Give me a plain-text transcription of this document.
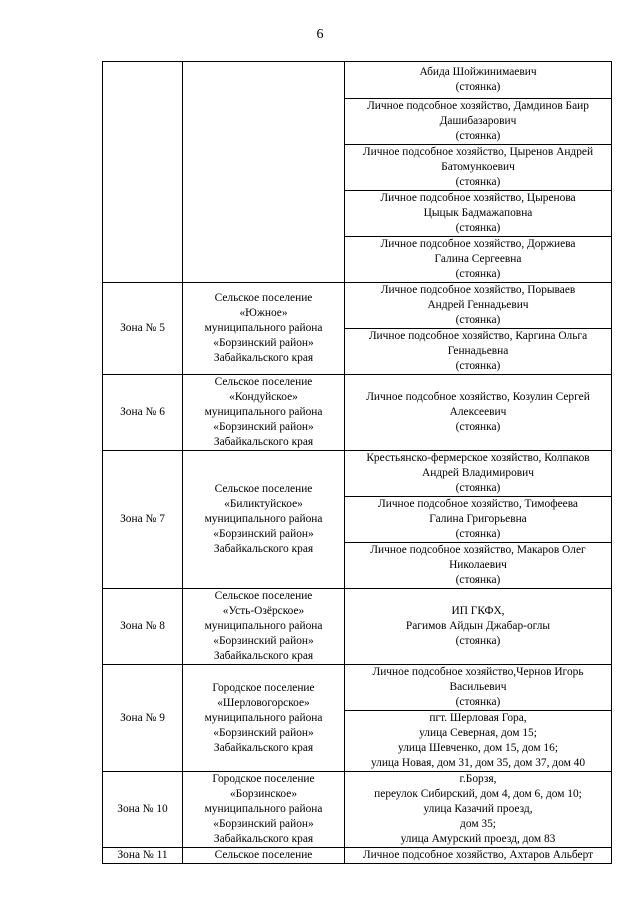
6
		Абида Шойжинимаевич
(стоянка)
		Личное подсобное хозяйство, Дамдинов Баир
Дашибазарович
(стоянка)
		Личное подсобное хозяйство, Цыренов Андрей
Батомункоевич
(стоянка)
		Личное подсобное хозяйство, Цыренова
Цыцык Бадмажаповна
(стоянка)
		Личное подсобное хозяйство, Доржиева
Галина Сергеевна
(стоянка)
Зона № 5	Сельское поселение
«Южное»
муниципального района
«Борзинский район»
Забайкальского края	Личное подсобное хозяйство, Порываев
Андрей Геннадьевич
(стоянка)
		Личное подсобное хозяйство, Каргина Ольга
Геннадьевна
(стоянка)
Зона № 6	Сельское поселение
«Кондуйское»
муниципального района
«Борзинский район»
Забайкальского края	Личное подсобное хозяйство, Козулин Сергей
Алексеевич
(стоянка)
Зона № 7	Сельское поселение
«Биликтуйское»
муниципального района
«Борзинский район»
Забайкальского края	Крестьянско-фермерское хозяйство, Колпаков
Андрей Владимирович
(стоянка)
		Личное подсобное хозяйство, Тимофеева
Галина Григорьевна
(стоянка)
		Личное подсобное хозяйство, Макаров Олег
Николаевич
(стоянка)
Зона № 8	Сельское поселение
«Усть-Озёрское»
муниципального района
«Борзинский район»
Забайкальского края	ИП ГКФХ,
Рагимов Айдын Джабар-оглы
(стоянка)
Зона № 9	Городское поселение
«Шерловогорское»
муниципального района
«Борзинский район»
Забайкальского края	Личное подсобное хозяйство,Чернов Игорь
Васильевич
(стоянка)
		пгт. Шерловая Гора,
улица Северная, дом 15;
улица Шевченко, дом 15, дом 16;
улица Новая, дом 31, дом 35, дом 37, дом 40
Зона № 10	Городское поселение
«Борзинское»
муниципального района
«Борзинский район»
Забайкальского края	г.Борзя,
переулок Сибирский, дом 4, дом 6, дом 10;
улица Казачий проезд,
дом 35;
улица Амурский проезд, дом 83
Зона № 11	Сельское поселение	Личное подсобное хозяйство, Ахтаров Альберт
